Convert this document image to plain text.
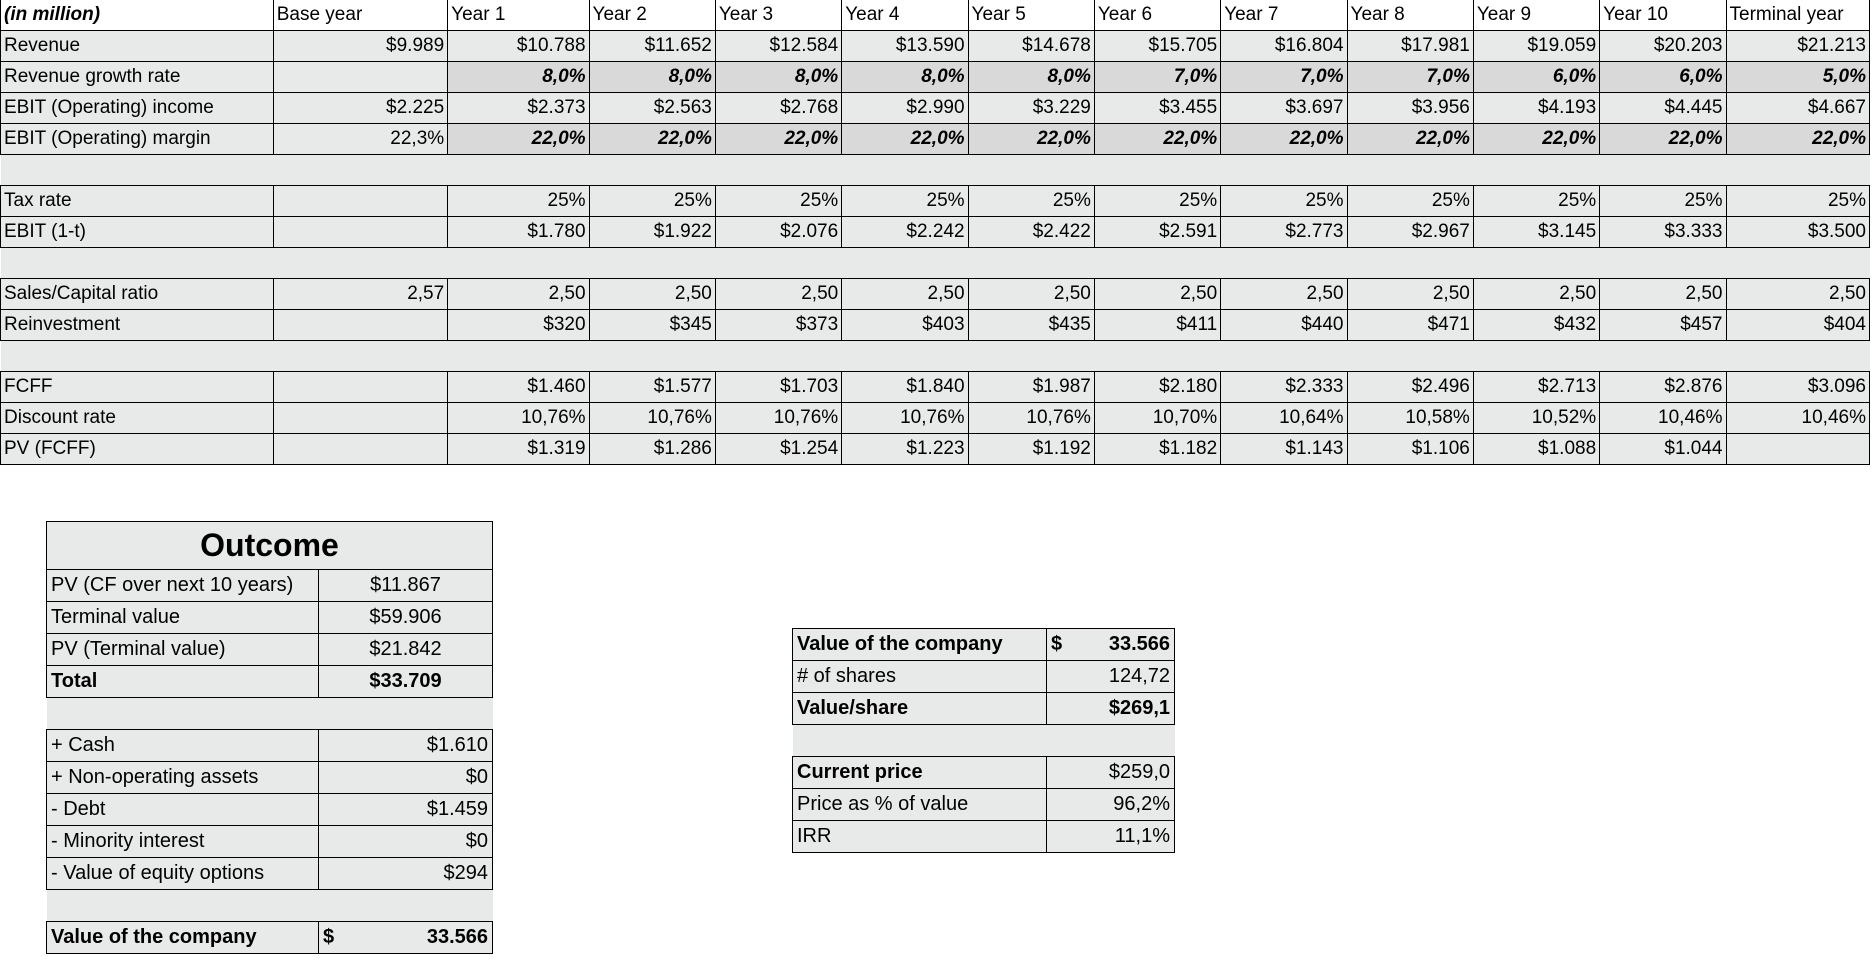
(in million)	Base year	Year 1	Year 2	Year 3	Year 4	Year 5	Year 6	Year 7	Year 8	Year 9	Year 10	Terminal year
Revenue	$9.989	$10.788	$11.652	$12.584	$13.590	$14.678	$15.705	$16.804	$17.981	$19.059	$20.203	$21.213
Revenue growth rate		8,0%	8,0%	8,0%	8,0%	8,0%	7,0%	7,0%	7,0%	6,0%	6,0%	5,0%
EBIT (Operating) income	$2.225	$2.373	$2.563	$2.768	$2.990	$3.229	$3.455	$3.697	$3.956	$4.193	$4.445	$4.667
EBIT (Operating) margin	22,3%	22,0%	22,0%	22,0%	22,0%	22,0%	22,0%	22,0%	22,0%	22,0%	22,0%	22,0%

Tax rate		25%	25%	25%	25%	25%	25%	25%	25%	25%	25%	25%
EBIT (1-t)		$1.780	$1.922	$2.076	$2.242	$2.422	$2.591	$2.773	$2.967	$3.145	$3.333	$3.500

Sales/Capital ratio	2,57	2,50	2,50	2,50	2,50	2,50	2,50	2,50	2,50	2,50	2,50	2,50
Reinvestment		$320	$345	$373	$403	$435	$411	$440	$471	$432	$457	$404

FCFF		$1.460	$1.577	$1.703	$1.840	$1.987	$2.180	$2.333	$2.496	$2.713	$2.876	$3.096
Discount rate		10,76%	10,76%	10,76%	10,76%	10,76%	10,70%	10,64%	10,58%	10,52%	10,46%	10,46%
PV (FCFF)		$1.319	$1.286	$1.254	$1.223	$1.192	$1.182	$1.143	$1.106	$1.088	$1.044	
Outcome	
PV (CF over next 10 years)	$11.867
Terminal value	$59.906
PV (Terminal value)	$21.842
Total	$33.709

+ Cash	$1.610
+ Non-operating assets	$0
- Debt	$1.459
- Minority interest	$0
- Value of equity options	$294

Value of the company	$ 33.566
Value of the company	$ 33.566
# of shares	124,72
Value/share	$269,1

Current price	$259,0
Price as % of value	96,2%
IRR	11,1%
